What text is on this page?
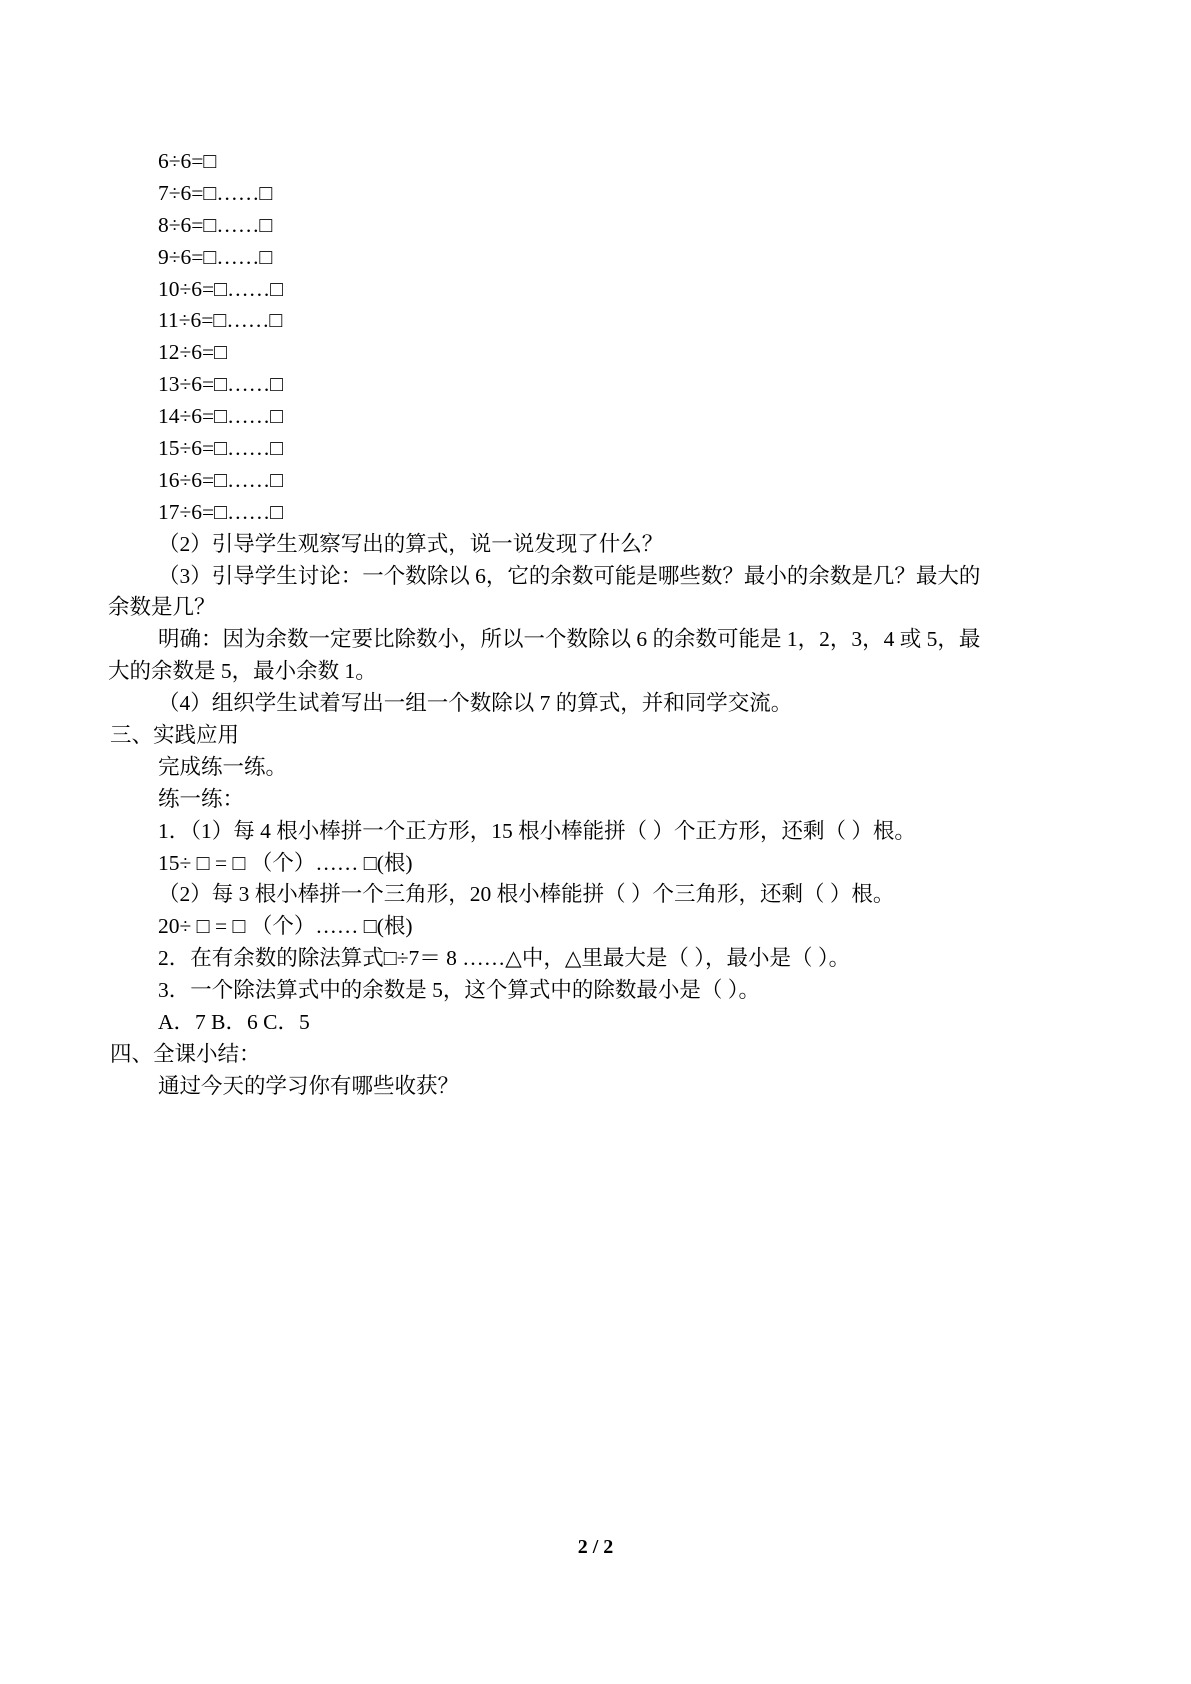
6÷6=□
7÷6=□……□
8÷6=□……□
9÷6=□……□
10÷6=□……□
11÷6=□……□
12÷6=□
13÷6=□……□
14÷6=□……□
15÷6=□……□
16÷6=□……□
17÷6=□……□
（2）引导学生观察写出的算式，说一说发现了什么？
（3）引导学生讨论：一个数除以 6，它的余数可能是哪些数？最小的余数是几？最大的
余数是几？
明确：因为余数一定要比除数小，所以一个数除以 6 的余数可能是 1，2，3，4 或 5，最
大的余数是 5，最小余数 1。
（4）组织学生试着写出一组一个数除以 7 的算式，并和同学交流。
三、实践应用
完成练一练。
练一练：
1．（1）每 4 根小棒拼一个正方形，15 根小棒能拼（ ）个正方形，还剩（ ）根。
15÷ □ = □ （个）…… □(根)
（2）每 3 根小棒拼一个三角形，20 根小棒能拼（ ）个三角形，还剩（ ）根。
20÷ □ = □ （个）…… □(根)
2．在有余数的除法算式□÷7＝ 8 ……△中，△里最大是（ ），最小是（ ）。
3．一个除法算式中的余数是 5，这个算式中的除数最小是（ ）。
A．7 B．6 C．5
四、全课小结：
通过今天的学习你有哪些收获？
2 / 2
